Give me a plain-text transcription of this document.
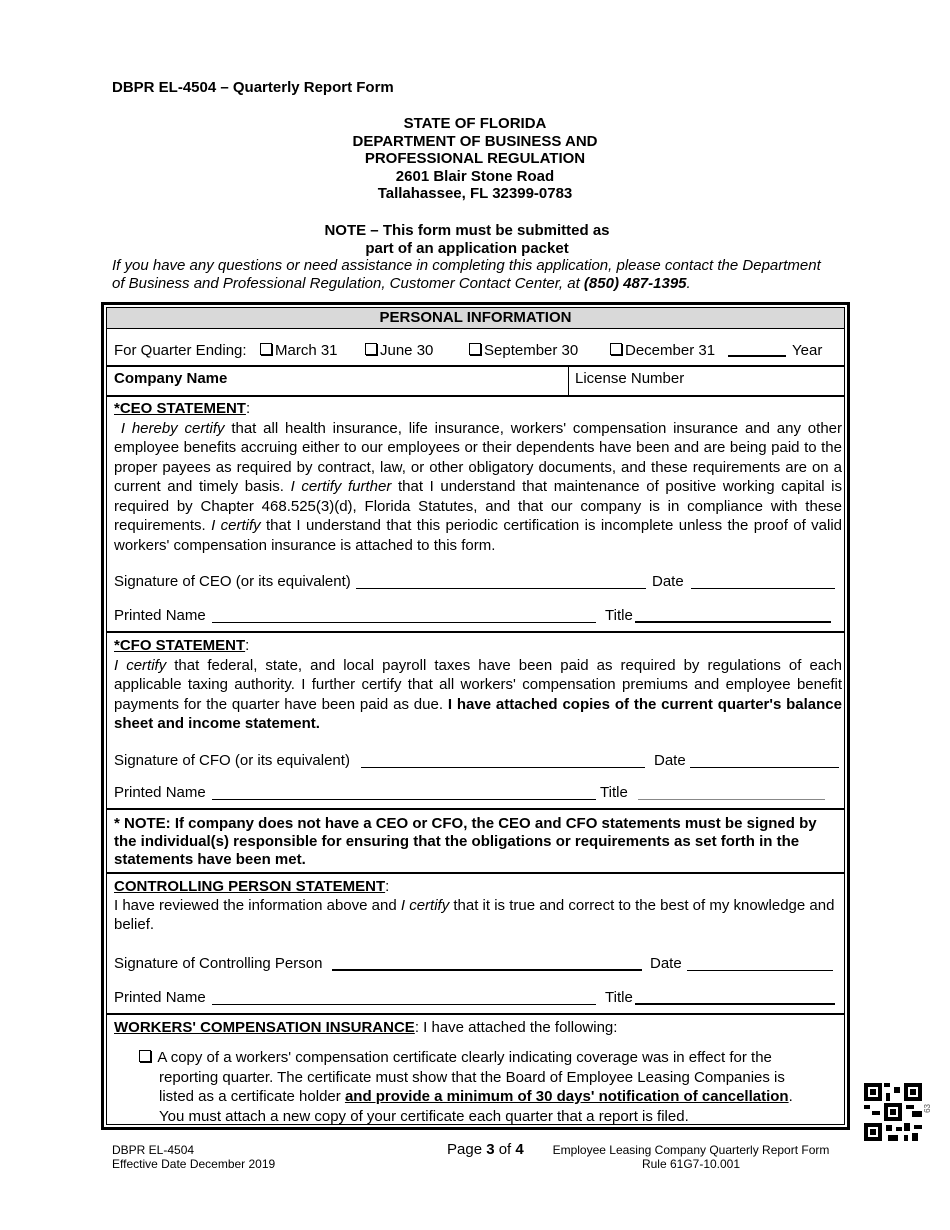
DBPR EL-4504 – Quarterly Report Form
STATE OF FLORIDA
DEPARTMENT OF BUSINESS AND
PROFESSIONAL REGULATION
2601 Blair Stone Road
Tallahassee, FL 32399-0783
NOTE – This form must be submitted as
part of an application packet
If you have any questions or need assistance in completing this application, please contact the Department of Business and Professional Regulation, Customer Contact Center, at (850) 487-1395.
PERSONAL INFORMATION
For Quarter Ending:	March 31	June 30	September 30	December 31	Year
Company Name	License Number
*CEO STATEMENT:
I hereby certify that all health insurance, life insurance, workers' compensation insurance and any other employee benefits accruing either to our employees or their dependents have been and are being paid to the proper payees as required by contract, law, or other obligatory documents, and these requirements are on a current and timely basis. I certify further that I understand that maintenance of positive working capital is required by Chapter 468.525(3)(d), Florida Statutes, and that our company is in compliance with these requirements. I certify that I understand that this periodic certification is incomplete unless the proof of valid workers' compensation insurance is attached to this form.
Signature of CEO (or its equivalent)	Date
Printed Name	Title
*CFO STATEMENT:
I certify that federal, state, and local payroll taxes have been paid as required by regulations of each applicable taxing authority. I further certify that all workers' compensation premiums and employee benefit payments for the quarter have been paid as due. I have attached copies of the current quarter's balance sheet and income statement.
Signature of CFO (or its equivalent)	Date
Printed Name	Title
* NOTE: If company does not have a CEO or CFO, the CEO and CFO statements must be signed by the individual(s) responsible for ensuring that the obligations or requirements as set forth in the statements have been met.
CONTROLLING PERSON STATEMENT:
I have reviewed the information above and I certify that it is true and correct to the best of my knowledge and belief.
Signature of Controlling Person	Date
Printed Name	Title
WORKERS' COMPENSATION INSURANCE: I have attached the following:
A copy of a workers' compensation certificate clearly indicating coverage was in effect for the
reporting quarter. The certificate must show that the Board of Employee Leasing Companies is
listed as a certificate holder and provide a minimum of 30 days' notification of cancellation.
You must attach a new copy of your certificate each quarter that a report is filed.
DBPR EL-4504
Effective Date December 2019
Page 3 of 4	Employee Leasing Company Quarterly Report Form
Rule 61G7-10.001
63
